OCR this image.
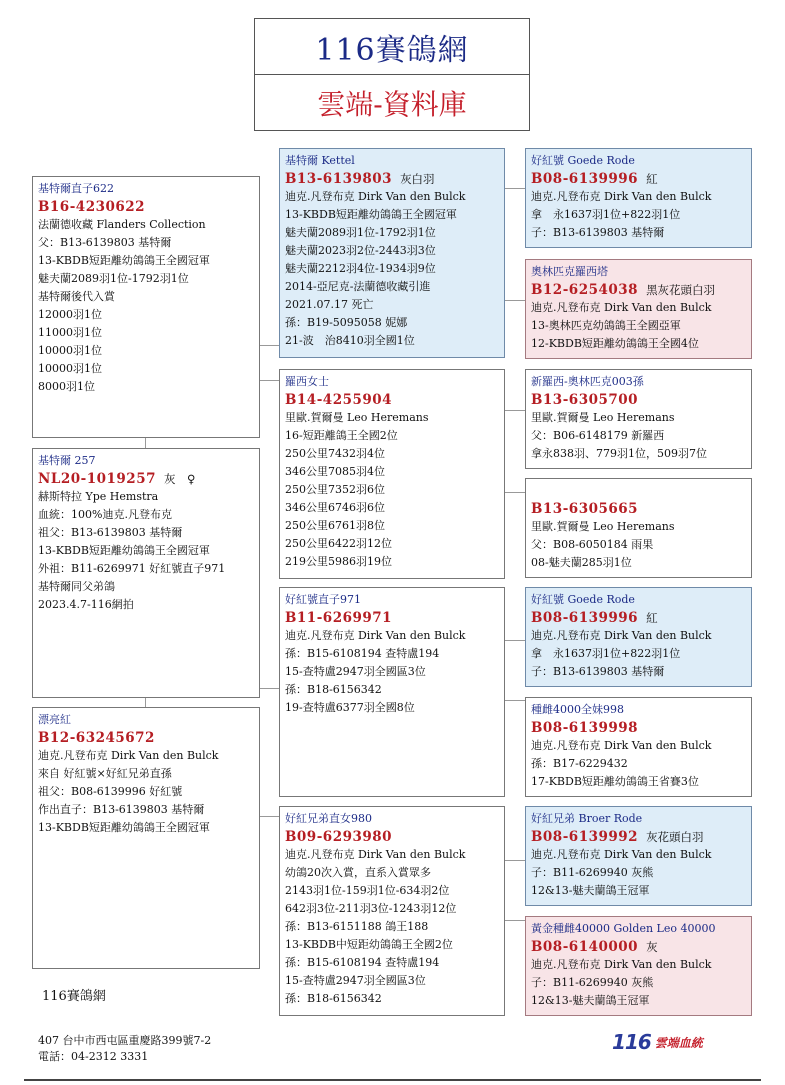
116賽鴿網
雲端-資料庫
基特爾直子622
B16-4230622
法蘭德收藏 Flanders Collection
父：B13-6139803 基特爾
13-KBDB短距離幼鴿鴿王全國冠軍
魅夫蘭2089羽1位-1792羽1位
基特爾後代入賞
12000羽1位
11000羽1位
10000羽1位
10000羽1位
8000羽1位
基特爾 257
NL20-1019257 灰　♀
赫斯特拉 Ype Hemstra
血統：100%迪克.凡登布克
祖父：B13-6139803 基特爾
13-KBDB短距離幼鴿鴿王全國冠軍
外祖：B11-6269971 好紅號直子971
基特爾同父弟鴿
2023.4.7-116網拍
漂亮紅
B12-63245672
迪克.凡登布克 Dirk Van den Bulck
來自 好紅號×好紅兄弟直孫
祖父：B08-6139996 好紅號
作出直子：B13-6139803 基特爾
13-KBDB短距離幼鴿鴿王全國冠軍
基特爾 Kettel
B13-6139803 灰白羽
迪克.凡登布克 Dirk Van den Bulck
13-KBDB短距離幼鴿鴿王全國冠軍
魅夫蘭2089羽1位-1792羽1位
魅夫蘭2023羽2位-2443羽3位
魅夫蘭2212羽4位-1934羽9位
2014-亞尼克-法蘭德收藏引進
2021.07.17 死亡
孫：B19-5095058 妮娜
21-波　治8410羽全國1位
羅西女士
B14-4255904
里歐.賀爾曼 Leo Heremans
16-短距離鴿王全國2位
250公里7432羽4位
346公里7085羽4位
250公里7352羽6位
346公里6746羽6位
250公里6761羽8位
250公里6422羽12位
219公里5986羽19位
好紅號直子971
B11-6269971
迪克.凡登布克 Dirk Van den Bulck
孫：B15-6108194 查特盧194
15-查特盧2947羽全國區3位
孫：B18-6156342
19-查特盧6377羽全國8位
好紅兄弟直女980
B09-6293980
迪克.凡登布克 Dirk Van den Bulck
幼鴿20次入賞，直系入賞眾多
2143羽1位-159羽1位-634羽2位
642羽3位-211羽3位-1243羽12位
孫：B13-6151188 鴿王188
13-KBDB中短距幼鴿鴿王全國2位
孫：B15-6108194 查特盧194
15-查特盧2947羽全國區3位
孫：B18-6156342
好紅號 Goede Rode
B08-6139996 紅
迪克.凡登布克 Dirk Van den Bulck
拿　永1637羽1位+822羽1位
子：B13-6139803 基特爾
奧林匹克羅西塔
B12-6254038 黑灰花頭白羽
迪克.凡登布克 Dirk Van den Bulck
13-奧林匹克幼鴿鴿王全國亞軍
12-KBDB短距離幼鴿鴿王全國4位
新羅西-奧林匹克003孫
B13-6305700
里歐.賀爾曼 Leo Heremans
父：B06-6148179 新羅西
拿永838羽、779羽1位，509羽7位
B13-6305665
里歐.賀爾曼 Leo Heremans
父：B08-6050184 雨果
08-魅夫蘭285羽1位
好紅號 Goede Rode
B08-6139996 紅
迪克.凡登布克 Dirk Van den Bulck
拿　永1637羽1位+822羽1位
子：B13-6139803 基特爾
種雌4000全妹998
B08-6139998
迪克.凡登布克 Dirk Van den Bulck
孫：B17-6229432
17-KBDB短距離幼鴿鴿王省賽3位
好紅兄弟 Broer Rode
B08-6139992 灰花頭白羽
迪克.凡登布克 Dirk Van den Bulck
子：B11-6269940 灰熊
12&13-魅夫蘭鴿王冠軍
黃金種雌40000 Golden Leo 40000
B08-6140000 灰
迪克.凡登布克 Dirk Van den Bulck
子：B11-6269940 灰熊
12&13-魅夫蘭鴿王冠軍
116賽鴿網
407 台中市西屯區重慶路399號7-2
電話：04-2312 3331
116 雲端血統
